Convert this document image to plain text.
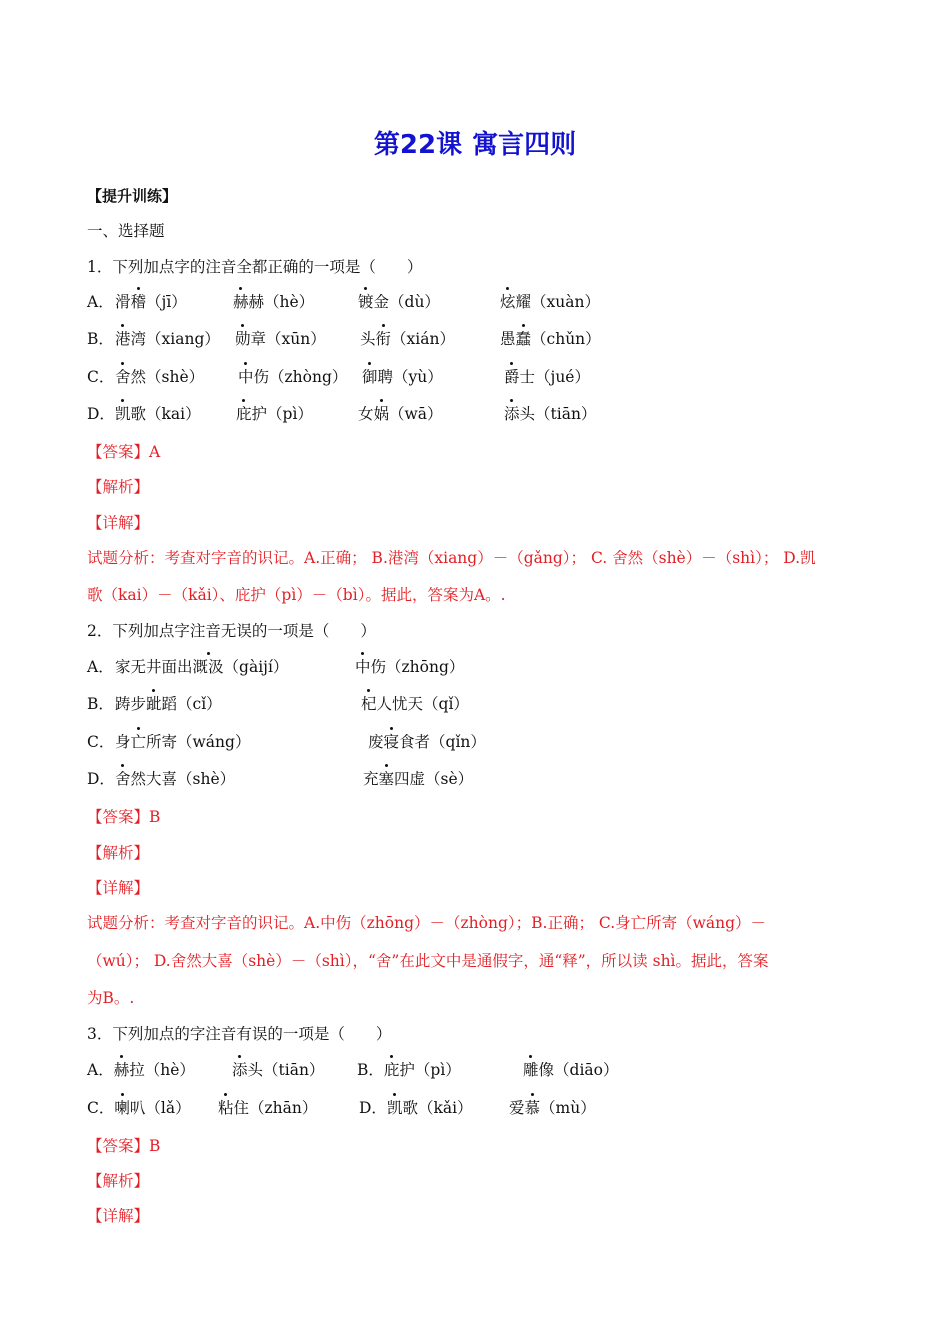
第22课 寓言四则
【提升训练】
一、选择题
1．下列加点字的注音全都正确的一项是（　　）
A． 滑稽（jī）	赫赫（hè）	镀金（dù）	炫耀（xuàn）
B． 港湾（xiang） 勋章（xūn） 头衔（xián）	愚蠢（chǔn）
C． 舍然（shè） 中伤（zhòng） 御聘（yù）	爵士（jué）
D． 凯歌（kai） 庇护（pì）	女娲（wā）	添头（tiān）
【答案】A
【解析】
【详解】
试题分析：考查对字音的识记。A.正确； B.港湾（xiang）－（gǎng）； C. 舍然（shè）－（shì）； D.凯
歌（kai）－（kǎi）、庇护（pì）－（bì）。据此，答案为A。.
2．下列加点字注音无误的一项是（　　）
A． 家无井面出溉汲（gàijí）	中伤（zhōng）
B． 踌步跐蹈（cǐ）	杞人忧天（qǐ）
C． 身亡所寄（wáng）	废寝食者（qǐn）
D． 舍然大喜（shè）	充塞四虚（sè）
【答案】B
【解析】
【详解】
试题分析：考查对字音的识记。A.中伤（zhōng）－（zhòng）；B.正确； C.身亡所寄（wáng）－
（wú）； D.舍然大喜（shè）－（shì），“舍”在此文中是通假字，通“释”，所以读 shì。据此，答案
为B。.
3．下列加点的字注音有误的一项是（　　）
A．赫拉（hè） 添头（tiān） B．庇护（pì）	雕像（diāo）
C．喇叭（lǎ） 粘住（zhān）	D．凯歌（kǎi） 爱慕（mù）
【答案】B
【解析】
【详解】
